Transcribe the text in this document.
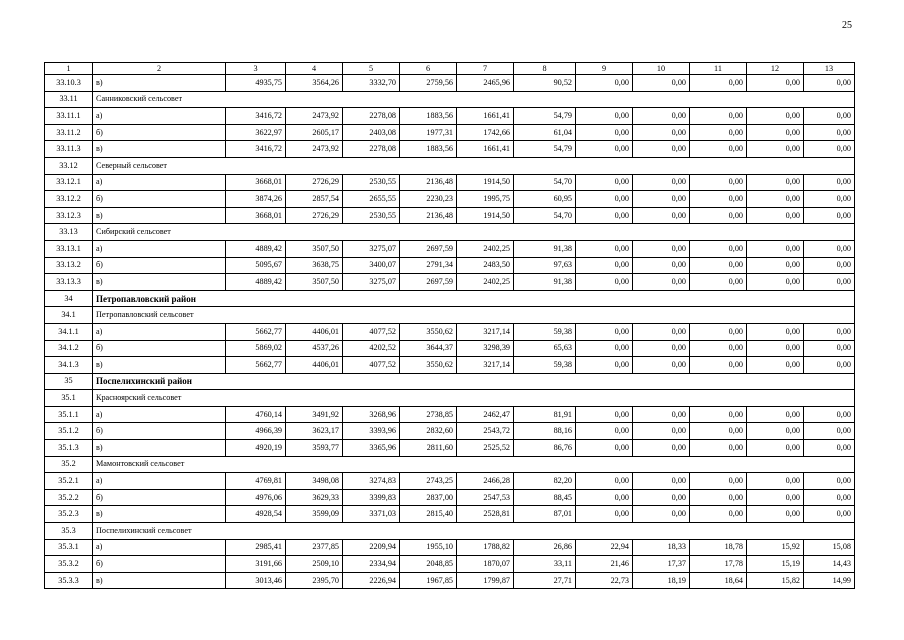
25
1	2	3	4	5	6	7	8	9	10	11	12	13
33.10.3	в)	4935,75	3564,26	3332,70	2759,56	2465,96	90,52	0,00	0,00	0,00	0,00	0,00
33.11	Санниковский сельсовет											
33.11.1	а)	3416,72	2473,92	2278,08	1883,56	1661,41	54,79	0,00	0,00	0,00	0,00	0,00
33.11.2	б)	3622,97	2605,17	2403,08	1977,31	1742,66	61,04	0,00	0,00	0,00	0,00	0,00
33.11.3	в)	3416,72	2473,92	2278,08	1883,56	1661,41	54,79	0,00	0,00	0,00	0,00	0,00
33.12	Северный сельсовет											
33.12.1	а)	3668,01	2726,29	2530,55	2136,48	1914,50	54,70	0,00	0,00	0,00	0,00	0,00
33.12.2	б)	3874,26	2857,54	2655,55	2230,23	1995,75	60,95	0,00	0,00	0,00	0,00	0,00
33.12.3	в)	3668,01	2726,29	2530,55	2136,48	1914,50	54,70	0,00	0,00	0,00	0,00	0,00
33.13	Сибирский сельсовет											
33.13.1	а)	4889,42	3507,50	3275,07	2697,59	2402,25	91,38	0,00	0,00	0,00	0,00	0,00
33.13.2	б)	5095,67	3638,75	3400,07	2791,34	2483,50	97,63	0,00	0,00	0,00	0,00	0,00
33.13.3	в)	4889,42	3507,50	3275,07	2697,59	2402,25	91,38	0,00	0,00	0,00	0,00	0,00
34	Петропавловский район											
34.1	Петропавловский сельсовет											
34.1.1	а)	5662,77	4406,01	4077,52	3550,62	3217,14	59,38	0,00	0,00	0,00	0,00	0,00
34.1.2	б)	5869,02	4537,26	4202,52	3644,37	3298,39	65,63	0,00	0,00	0,00	0,00	0,00
34.1.3	в)	5662,77	4406,01	4077,52	3550,62	3217,14	59,38	0,00	0,00	0,00	0,00	0,00
35	Поспелихинский район											
35.1	Красноярский сельсовет											
35.1.1	а)	4760,14	3491,92	3268,96	2738,85	2462,47	81,91	0,00	0,00	0,00	0,00	0,00
35.1.2	б)	4966,39	3623,17	3393,96	2832,60	2543,72	88,16	0,00	0,00	0,00	0,00	0,00
35.1.3	в)	4920,19	3593,77	3365,96	2811,60	2525,52	86,76	0,00	0,00	0,00	0,00	0,00
35.2	Мамонтовский сельсовет											
35.2.1	а)	4769,81	3498,08	3274,83	2743,25	2466,28	82,20	0,00	0,00	0,00	0,00	0,00
35.2.2	б)	4976,06	3629,33	3399,83	2837,00	2547,53	88,45	0,00	0,00	0,00	0,00	0,00
35.2.3	в)	4928,54	3599,09	3371,03	2815,40	2528,81	87,01	0,00	0,00	0,00	0,00	0,00
35.3	Поспелихинский сельсовет											
35.3.1	а)	2985,41	2377,85	2209,94	1955,10	1788,82	26,86	22,94	18,33	18,78	15,92	15,08
35.3.2	б)	3191,66	2509,10	2334,94	2048,85	1870,07	33,11	21,46	17,37	17,78	15,19	14,43
35.3.3	в)	3013,46	2395,70	2226,94	1967,85	1799,87	27,71	22,73	18,19	18,64	15,82	14,99
